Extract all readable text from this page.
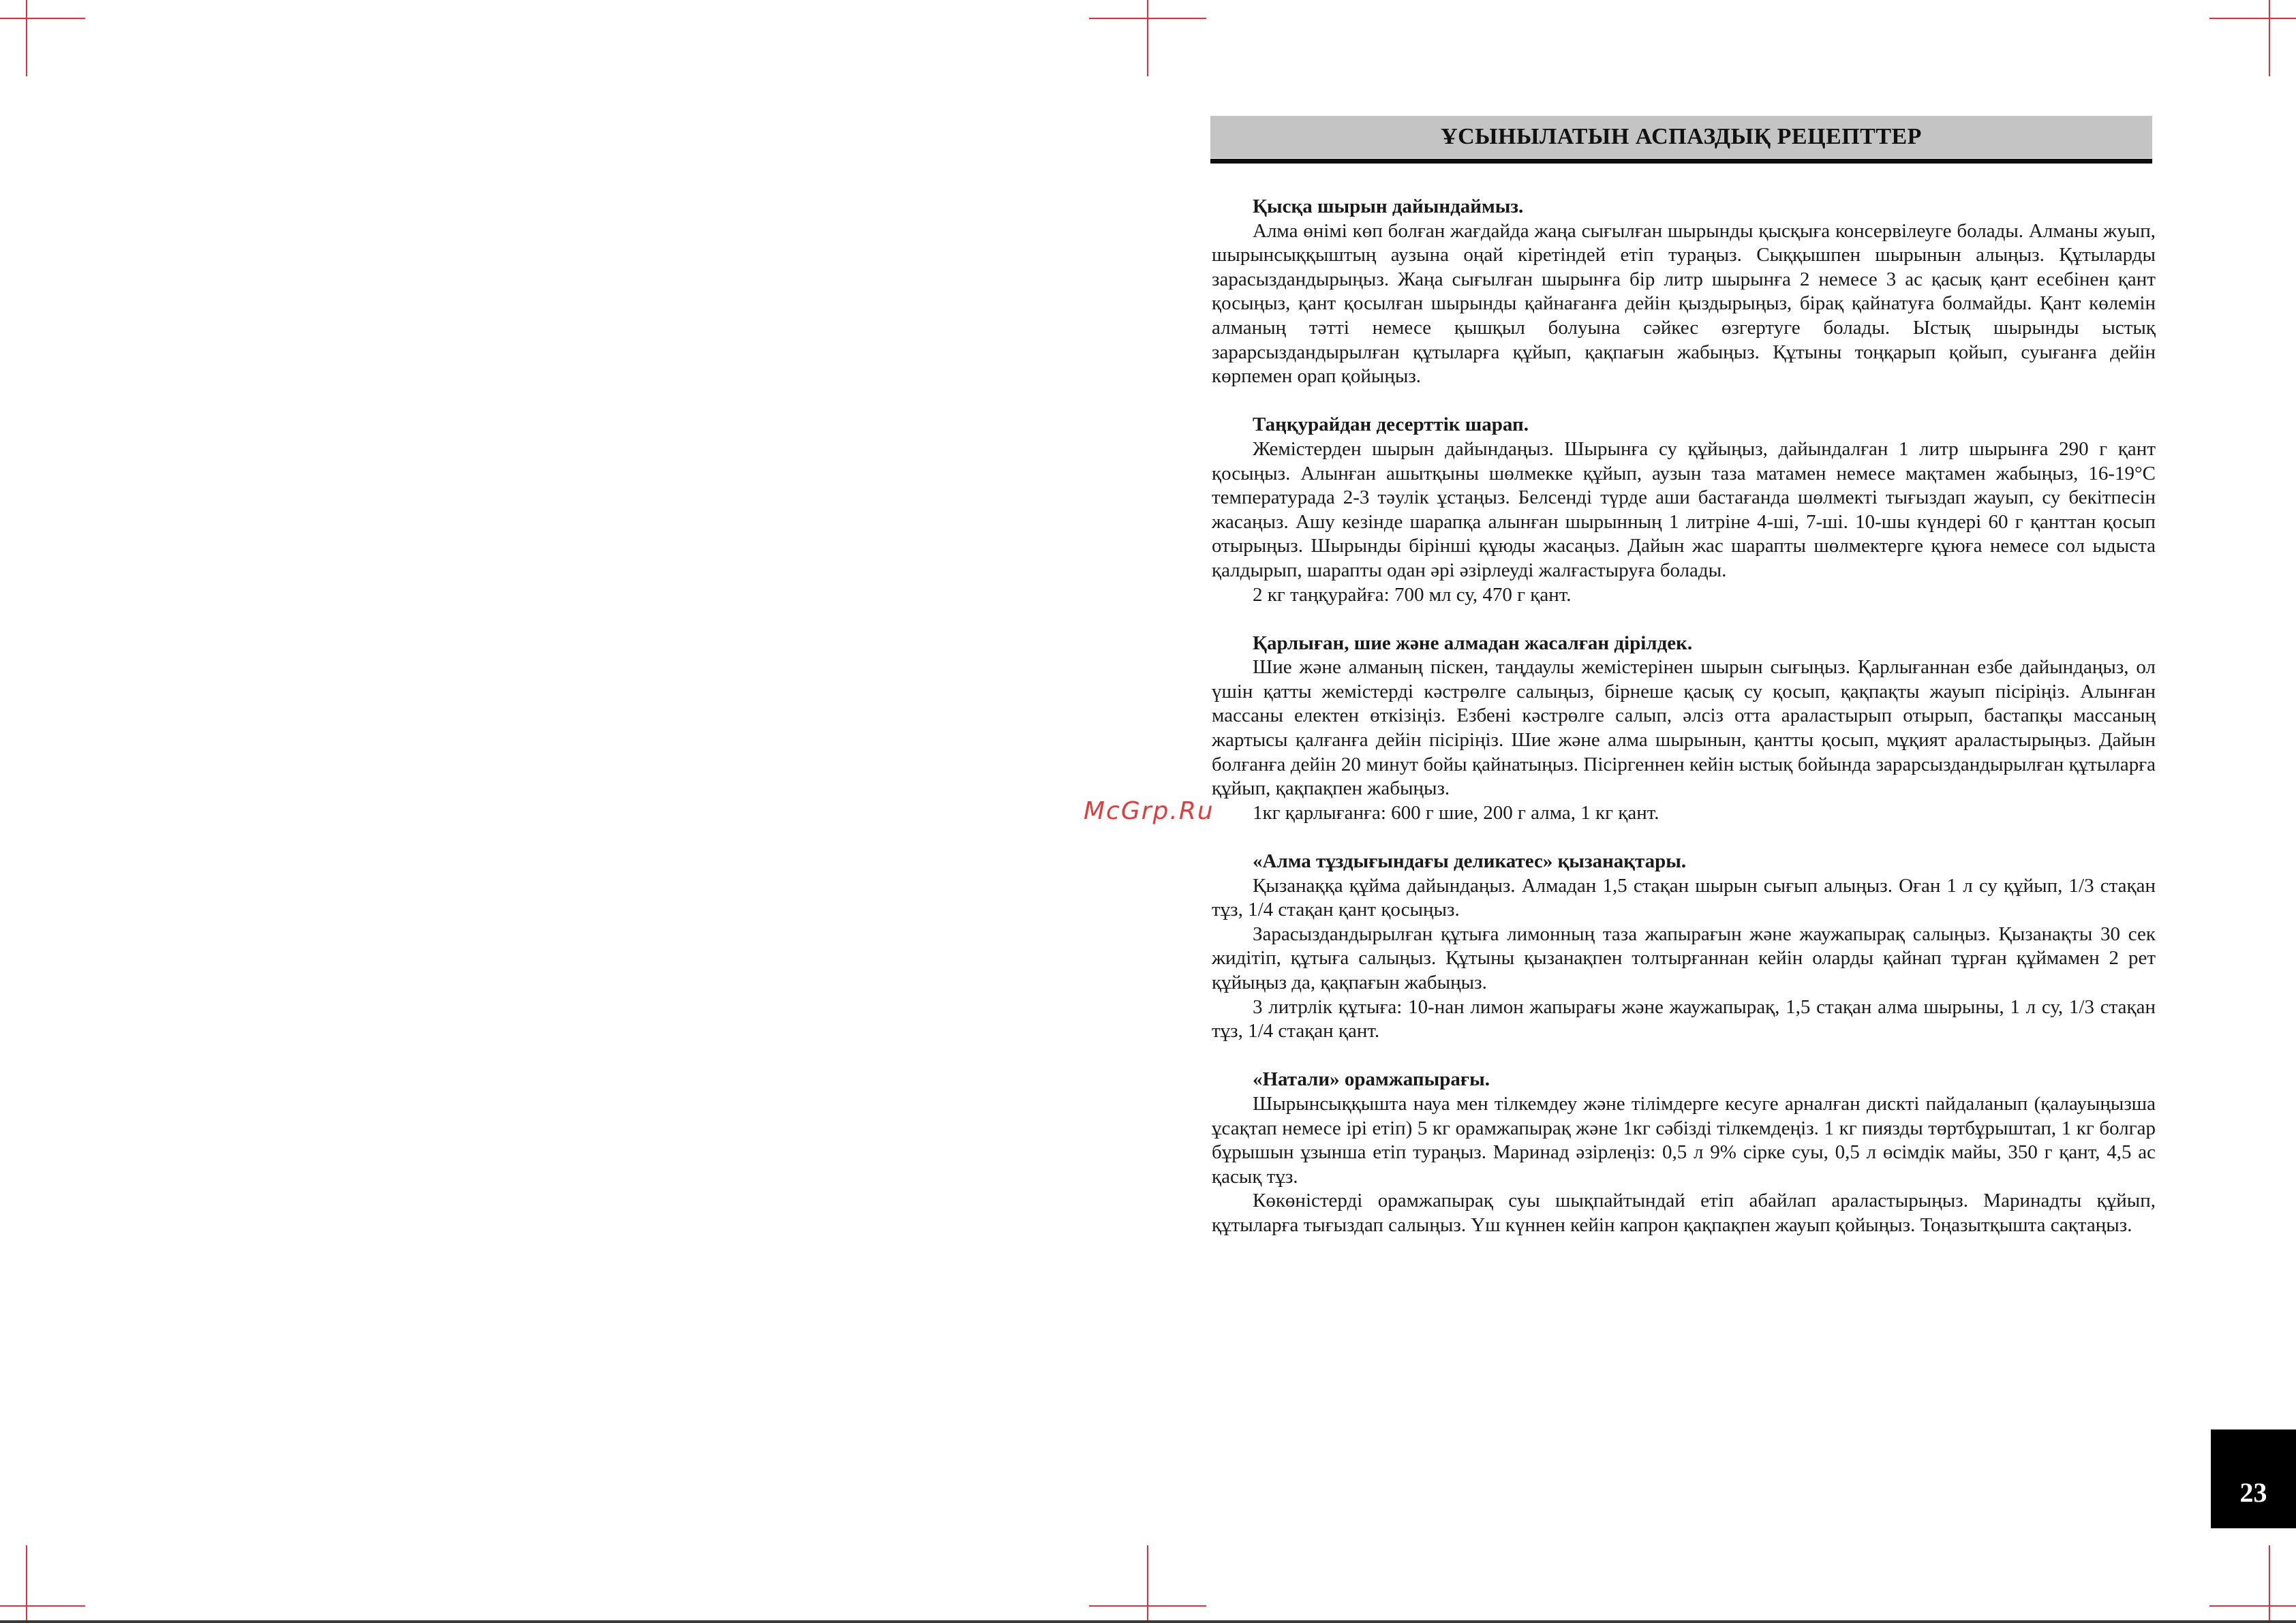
ҰСЫНЫЛАТЫН АСПАЗДЫҚ РЕЦЕПТТЕР
Қысқа шырын дайындаймыз.

Алма өнімі көп болған жағдайда жаңа сығылған шырынды қысқыға консервілеуге болады. Алманы жуып, шырынсыққыштың аузына оңай кіретіндей етіп тураңыз. Сыққышпен шырынын алыңыз. Құтыларды зарасыздандырыңыз. Жаңа сығылған шырынға бір литр шырынға 2 немесе 3 ас қасық қант есебінен қант қосыңыз, қант қосылған шырынды қайнағанға дейін қыздырыңыз, бірақ қайнатуға болмайды. Қант көлемін алманың тәтті немесе қышқыл болуына сәйкес өзгертуге болады. Ыстық шырынды ыстық зарарсыздандырылған құтыларға құйып, қақпағын жабыңыз. Құтыны тоңқарып қойып, суығанға дейін көрпемен орап қойыңыз.

Таңқурайдан десерттік шарап.

Жемістерден шырын дайындаңыз. Шырынға су құйыңыз, дайындалған 1 литр шырынға 290 г қант қосыңыз. Алынған ашытқыны шөлмекке құйып, аузын таза матамен немесе мақтамен жабыңыз, 16-19°С температурада 2-3 тәулік ұстаңыз. Белсенді түрде аши бастағанда шөлмекті тығыздап жауып, су бекітпесін жасаңыз. Ашу кезінде шарапқа алынған шырынның 1 литріне 4-ші, 7-ші. 10-шы күндері 60 г қанттан қосып отырыңыз. Шырынды бірінші құюды жасаңыз. Дайын жас шарапты шөлмектерге құюға немесе сол ыдыста қалдырып, шарапты одан әрі әзірлеуді жалғастыруға болады.

2 кг таңқурайға: 700 мл су, 470 г қант.

Қарлыған, шие және алмадан жасалған дірілдек.

Шие және алманың піскен, таңдаулы жемістерінен шырын сығыңыз. Қарлығаннан езбе дайындаңыз, ол үшін қатты жемістерді кәстрөлге салыңыз, бірнеше қасық су қосып, қақпақты жауып пісіріңіз. Алынған массаны електен өткізіңіз. Езбені кәстрөлге салып, әлсіз отта араластырып отырып, бастапқы массаның жартысы қалғанға дейін пісіріңіз. Шие және алма шырынын, қантты қосып, мұқият араластырыңыз. Дайын болғанға дейін 20 минут бойы қайнатыңыз. Пісіргеннен кейін ыстық бойында зарарсыздандырылған құтыларға құйып, қақпақпен жабыңыз.

1кг қарлығанға: 600 г шие, 200 г алма, 1 кг қант.

«Алма тұздығындағы деликатес» қызанақтары.

Қызанаққа құйма дайындаңыз. Алмадан 1,5 стақан шырын сығып алыңыз. Оған 1 л су құйып, 1/3 стақан тұз, 1/4 стақан қант қосыңыз.

Зарасыздандырылған құтыға лимонның таза жапырағын және жаужапырақ салыңыз. Қызанақты 30 сек жидітіп, құтыға салыңыз. Құтыны қызанақпен толтырғаннан кейін оларды қайнап тұрған құймамен 2 рет құйыңыз да, қақпағын жабыңыз.

3 литрлік құтыға: 10-нан лимон жапырағы және жаужапырақ, 1,5 стақан алма шырыны, 1 л су, 1/3 стақан тұз, 1/4 стақан қант.

«Натали» орамжапырағы.

Шырынсыққышта науа мен тілкемдеу және тілімдерге кесуге арналған дискті пайдаланып (қалауыңызша ұсақтап немесе ірі етіп) 5 кг орамжапырақ және 1кг сәбізді тілкемдеңіз. 1 кг пиязды төртбұрыштап, 1 кг болгар бұрышын ұзынша етіп тураңыз. Маринад әзірлеңіз: 0,5 л 9% сірке суы, 0,5 л өсімдік майы, 350 г қант, 4,5 ас қасық тұз.

Көкөністерді орамжапырақ суы шықпайтындай етіп абайлап араластырыңыз. Маринадты құйып, құтыларға тығыздап салыңыз. Үш күннен кейін капрон қақпақпен жауып қойыңыз. Тоңазытқышта сақтаңыз.

McGrp.Ru
23
